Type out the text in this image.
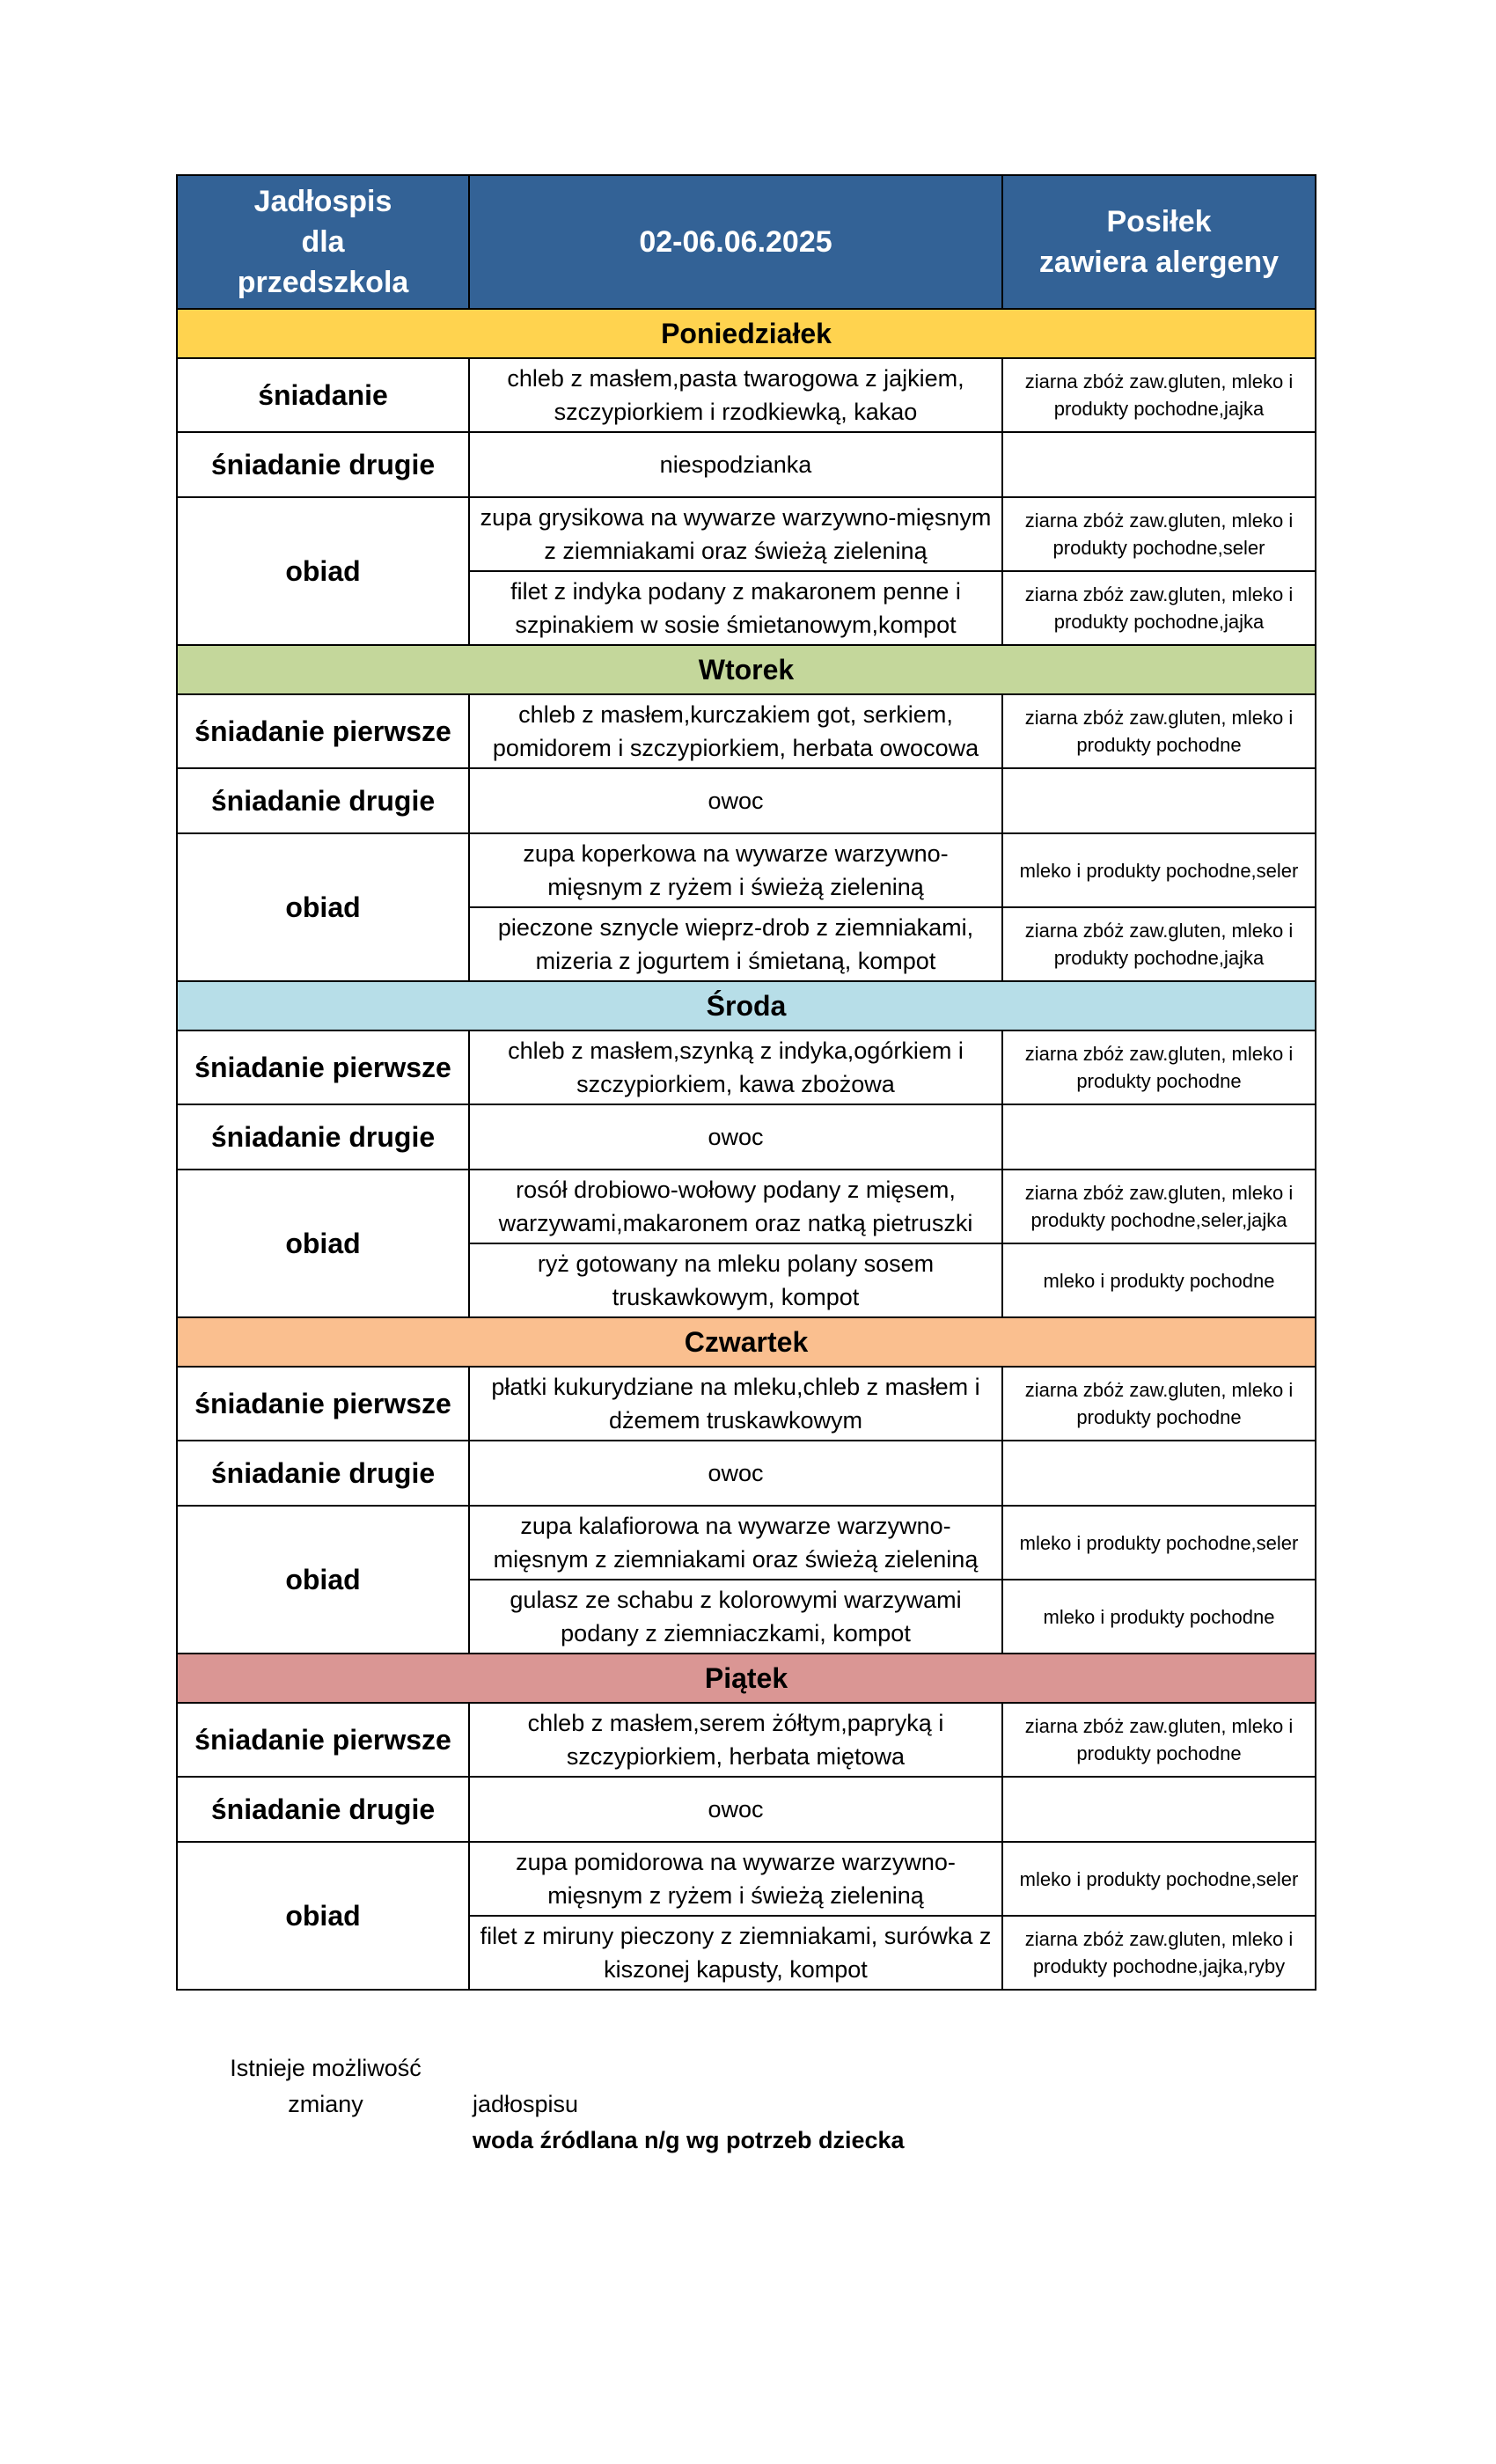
Jadłospis
dla
przedszkola	02-06.06.2025	Posiłek
zawiera alergeny
Poniedziałek		
śniadanie	chleb z masłem,pasta twarogowa z jajkiem, szczypiorkiem i rzodkiewką, kakao	ziarna zbóż zaw.gluten, mleko i produkty pochodne,jajka
śniadanie drugie	niespodzianka	
obiad	zupa grysikowa na wywarze warzywno-mięsnym z ziemniakami oraz świeżą zieleniną	ziarna zbóż zaw.gluten, mleko i produkty pochodne,seler
	filet z indyka podany z makaronem penne i szpinakiem w sosie śmietanowym,kompot	ziarna zbóż zaw.gluten, mleko i produkty pochodne,jajka
Wtorek		
śniadanie pierwsze	chleb z masłem,kurczakiem got, serkiem, pomidorem i szczypiorkiem, herbata owocowa	ziarna zbóż zaw.gluten, mleko i produkty pochodne
śniadanie drugie	owoc	
obiad	zupa koperkowa na wywarze warzywno-mięsnym z ryżem i świeżą zieleniną	mleko i produkty pochodne,seler
	pieczone sznycle wieprz-drob z ziemniakami, mizeria z jogurtem i śmietaną, kompot	ziarna zbóż zaw.gluten, mleko i produkty pochodne,jajka
Środa		
śniadanie pierwsze	chleb z masłem,szynką z indyka,ogórkiem i szczypiorkiem, kawa zbożowa	ziarna zbóż zaw.gluten, mleko i produkty pochodne
śniadanie drugie	owoc	
obiad	rosół drobiowo-wołowy podany z mięsem, warzywami,makaronem oraz natką pietruszki	ziarna zbóż zaw.gluten, mleko i produkty pochodne,seler,jajka
	ryż gotowany na mleku polany sosem truskawkowym, kompot	mleko i produkty pochodne
Czwartek		
śniadanie pierwsze	płatki kukurydziane na mleku,chleb z masłem i dżemem truskawkowym	ziarna zbóż zaw.gluten, mleko i produkty pochodne
śniadanie drugie	owoc	
obiad	zupa kalafiorowa na wywarze warzywno-mięsnym z ziemniakami oraz świeżą zieleniną	mleko i produkty pochodne,seler
	gulasz ze schabu z kolorowymi warzywami podany z ziemniaczkami, kompot	mleko i produkty pochodne
Piątek		
śniadanie pierwsze	chleb z masłem,serem żółtym,papryką i szczypiorkiem, herbata miętowa	ziarna zbóż zaw.gluten, mleko i produkty pochodne
śniadanie drugie	owoc	
obiad	zupa pomidorowa na wywarze warzywno-mięsnym z ryżem i świeżą zieleniną	mleko i produkty pochodne,seler
	filet z miruny pieczony z ziemniakami, surówka z kiszonej kapusty, kompot	ziarna zbóż zaw.gluten, mleko i produkty pochodne,jajka,ryby
Istnieje możliwość
zmiany	jadłospisu
woda źródlana n/g wg potrzeb dziecka
